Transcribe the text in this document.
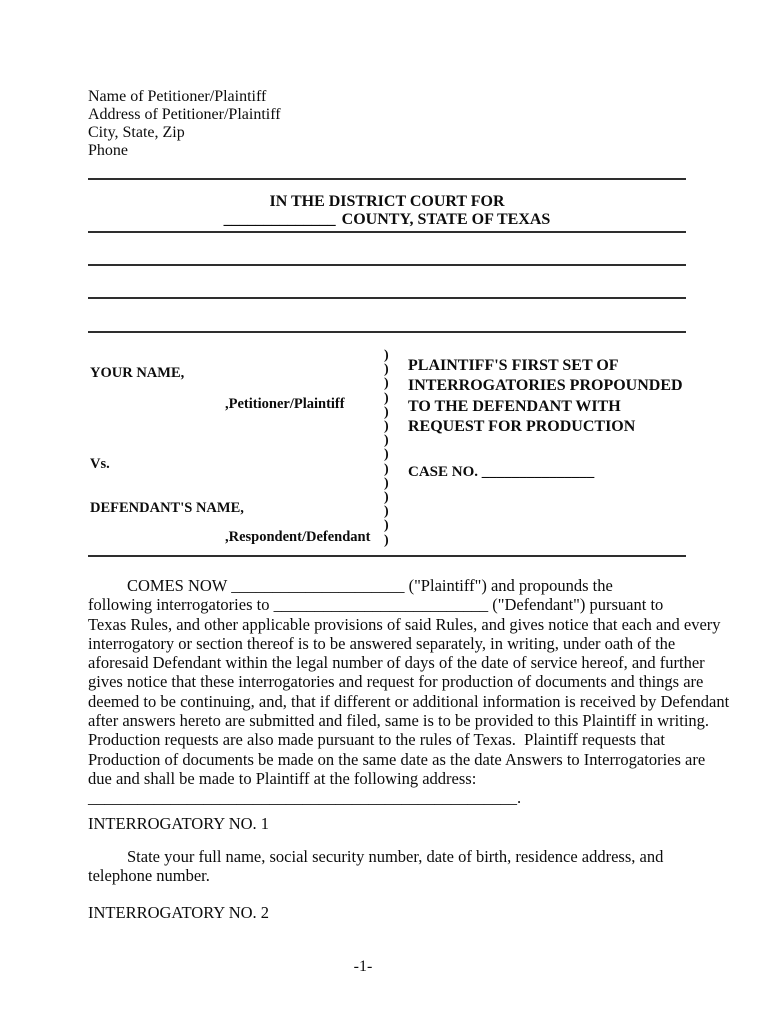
Name of Petitioner/Plaintiff
Address of Petitioner/Plaintiff
City, State, Zip
Phone
IN THE DISTRICT COURT FOR
______________ COUNTY, STATE OF TEXAS
YOUR NAME,
,Petitioner/Plaintiff
Vs.
DEFENDANT'S NAME,
,Respondent/Defendant
)
)
)
)
)
)
)
)
)
)
)
)
)
)
PLAINTIFF'S FIRST SET OF
INTERROGATORIES PROPOUNDED
TO THE DEFENDANT WITH
REQUEST FOR PRODUCTION
CASE NO. _______________
COMES NOW _____________________ ("Plaintiff") and propounds the
following interrogatories to __________________________ ("Defendant") pursuant to
Texas Rules, and other applicable provisions of said Rules, and gives notice that each and every
interrogatory or section thereof is to be answered separately, in writing, under oath of the
aforesaid Defendant within the legal number of days of the date of service hereof, and further
gives notice that these interrogatories and request for production of documents and things are
deemed to be continuing, and, that if different or additional information is received by Defendant
after answers hereto are submitted and filed, same is to be provided to this Plaintiff in writing.
Production requests are also made pursuant to the rules of Texas.  Plaintiff requests that
Production of documents be made on the same date as the date Answers to Interrogatories are
due and shall be made to Plaintiff at the following address:
____________________________________________________.
INTERROGATORY NO. 1
State your full name, social security number, date of birth, residence address, and
telephone number.
INTERROGATORY NO. 2
-1-
